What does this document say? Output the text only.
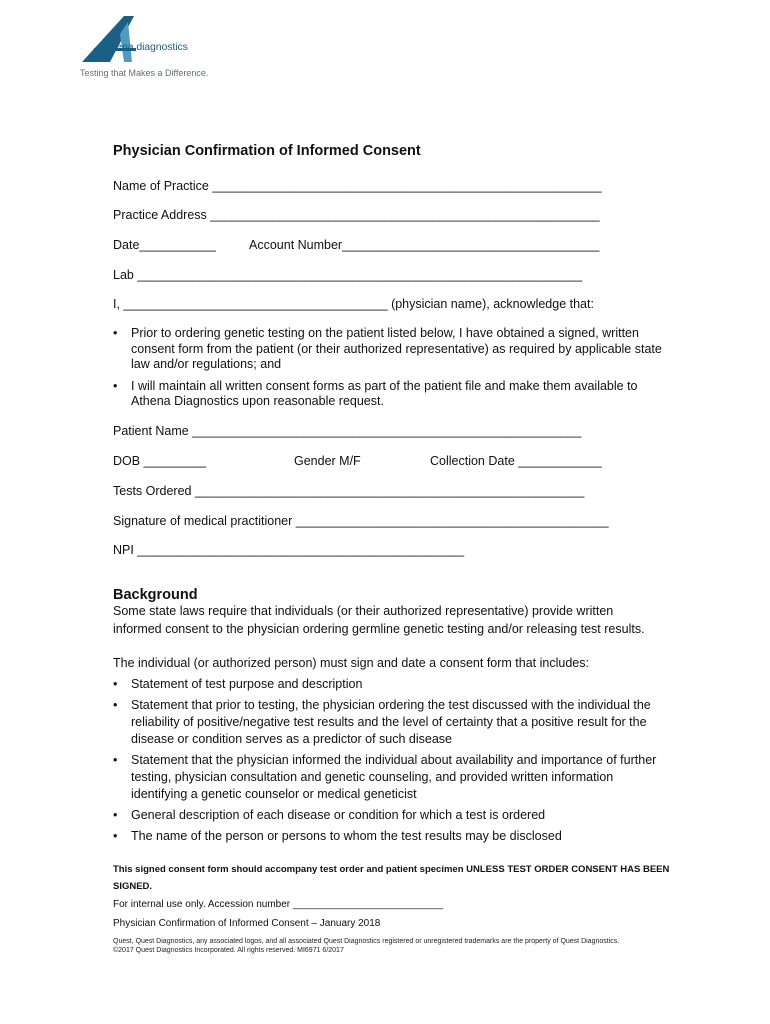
athena diagnostics
Testing that Makes a Difference.
Physician Confirmation of Informed Consent
Name of Practice ________________________________________________________
Practice Address ________________________________________________________
Date___________	Account Number_____________________________________
Lab ________________________________________________________________
I, ______________________________________ (physician name), acknowledge that:
• Prior to ordering genetic testing on the patient listed below, I have obtained a signed, written consent form from the patient (or their authorized representative) as required by applicable state law and/or regulations; and
• I will maintain all written consent forms as part of the patient file and make them available to Athena Diagnostics upon reasonable request.
Patient Name ________________________________________________________
DOB _________	Gender M/F	Collection Date ____________
Tests Ordered ________________________________________________________
Signature of medical practitioner _____________________________________________
NPI _______________________________________________
Background
Some state laws require that individuals (or their authorized representative) provide written informed consent to the physician ordering germline genetic testing and/or releasing test results.
The individual (or authorized person) must sign and date a consent form that includes:
• Statement of test purpose and description
• Statement that prior to testing, the physician ordering the test discussed with the individual the reliability of positive/negative test results and the level of certainty that a positive result for the disease or condition serves as a predictor of such disease
• Statement that the physician informed the individual about availability and importance of further testing, physician consultation and genetic counseling, and provided written information identifying a genetic counselor or medical geneticist
• General description of each disease or condition for which a test is ordered
• The name of the person or persons to whom the test results may be disclosed
This signed consent form should accompany test order and patient specimen UNLESS TEST ORDER CONSENT HAS BEEN SIGNED.
For internal use only. Accession number ___________________________
Physician Confirmation of Informed Consent – January 2018
Quest, Quest Diagnostics, any associated logos, and all associated Quest Diagnostics registered or unregistered trademarks are the property of Quest Diagnostics. ©2017 Quest Diagnostics Incorporated. All rights reserved. MI6971 6/2017
